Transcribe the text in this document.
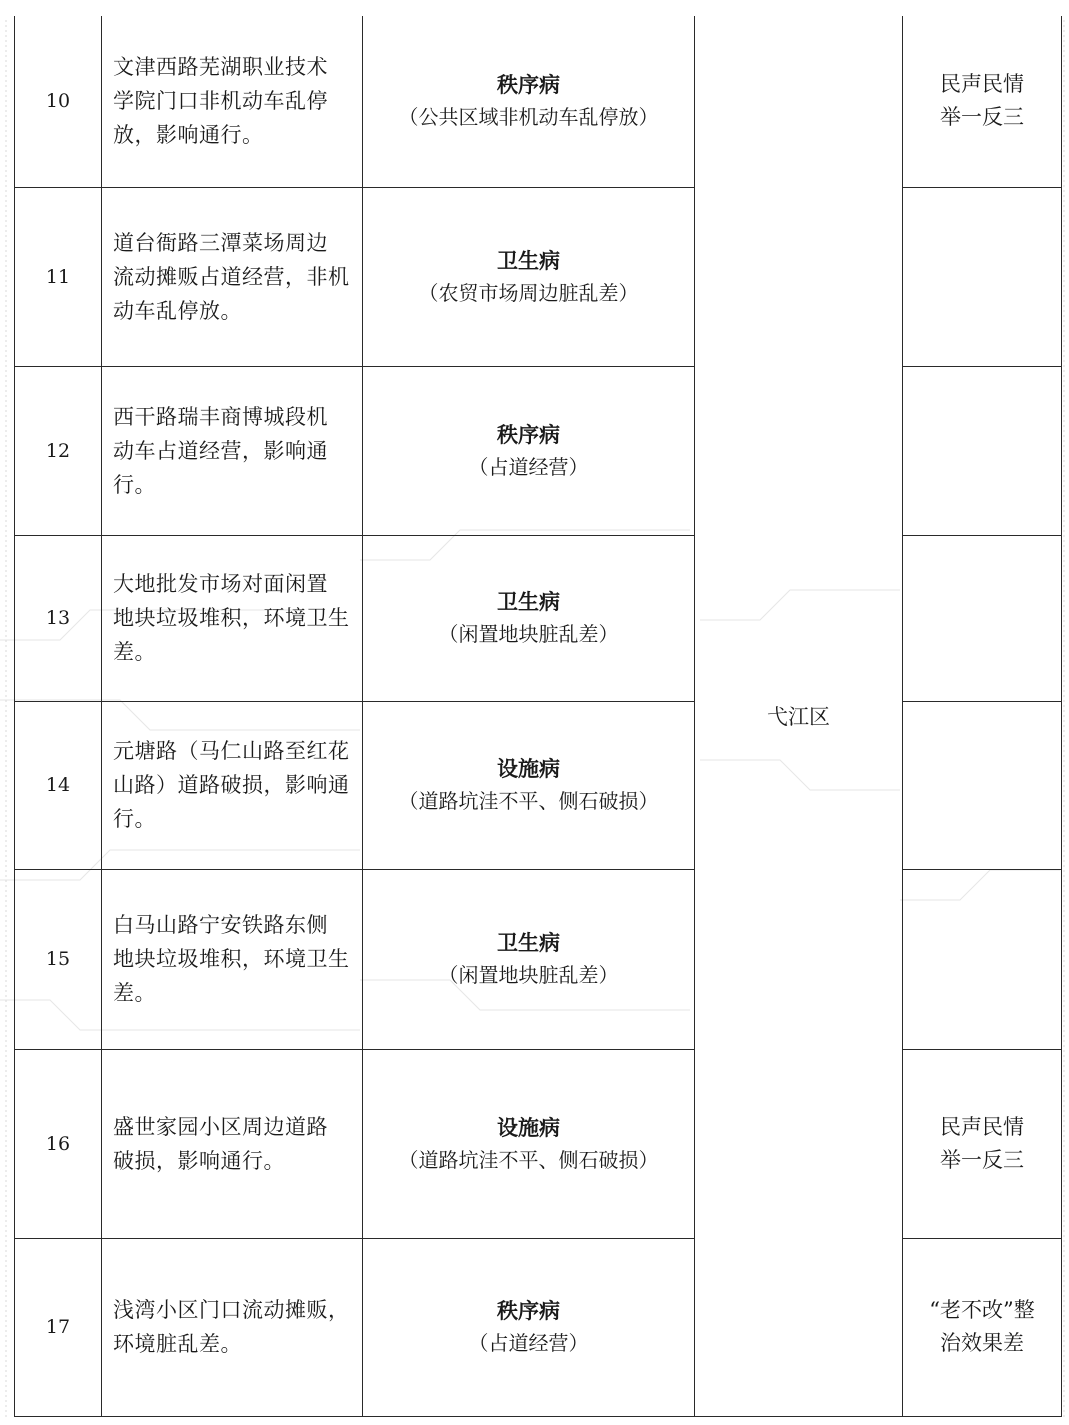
10	文津西路芜湖职业技术
学院门口非机动车乱停
放，影响通行。	秩序病
（公共区域非机动车乱停放）	弋江区	民声民情
举一反三

11	道台衙路三潭菜场周边
流动摊贩占道经营，非机
动车乱停放。	卫生病
（农贸市场周边脏乱差）		

12	西干路瑞丰商博城段机
动车占道经营，影响通
行。	秩序病
（占道经营）		

13	大地批发市场对面闲置
地块垃圾堆积，环境卫生
差。	卫生病
（闲置地块脏乱差）		

14	元塘路（马仁山路至红花
山路）道路破损，影响通
行。	设施病
（道路坑洼不平、侧石破损）		

15	白马山路宁安铁路东侧
地块垃圾堆积，环境卫生
差。	卫生病
（闲置地块脏乱差）		

16	盛世家园小区周边道路
破损，影响通行。	设施病
（道路坑洼不平、侧石破损）		民声民情
举一反三

17	浅湾小区门口流动摊贩，
环境脏乱差。	秩序病
（占道经营）		“老不改”整
治效果差
